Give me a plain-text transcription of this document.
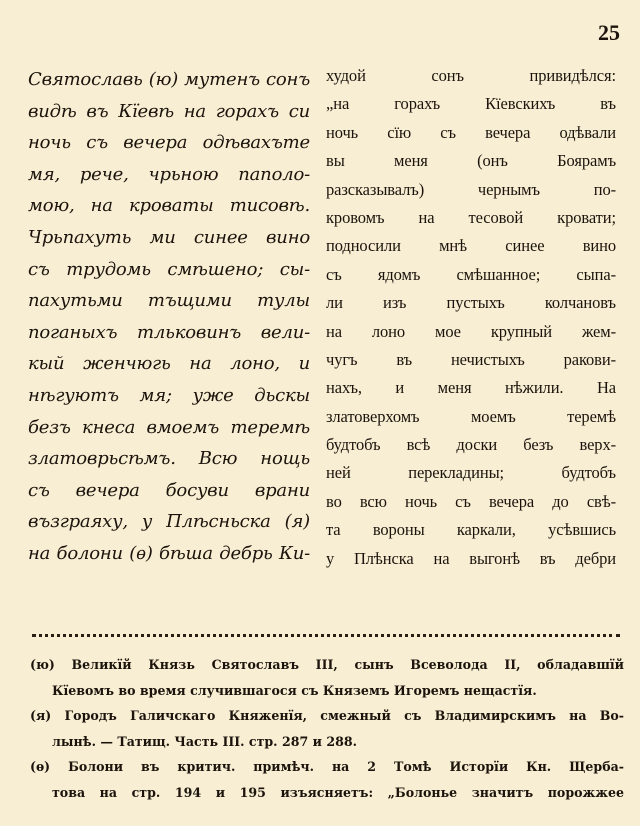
25
Святославь (ю) мутенъ сонъ
видѣ въ Кїевѣ на горахъ си
ночь съ вечера одѣвахъте
мя, рече, чрьною паполо-
мою, на кроваты тисовѣ.
Чрьпахуть ми синее вино
съ трудомь смѣшено; сы-
пахутьми тъщими тулы
поганыхъ тльковинъ вели-
кый женчюгь на лоно, и
нѣгуютъ мя; уже дьскы
безъ кнеса вмоемъ теремѣ
златоврьсѣмъ. Всю нощь
съ вечера босуви врани
възграяху, у Плѣсньска (я)
на болони (ѳ) бѣша дебрь Ки-
худой сонъ привидѣлся:
„на горахъ Кїевскихъ въ
ночь сїю съ вечера одѣвали
вы меня (онъ Боярамъ
разсказывалъ) чернымъ по-
кровомъ на тесовой кровати;
подносили мнѣ синее вино
съ ядомъ смѣшанное; сыпа-
ли изъ пустыхъ колчановъ
на лоно мое крупный жем-
чугъ въ нечистыхъ ракови-
нахъ, и меня нѣжили. На
златоверхомъ моемъ теремѣ
будтобъ всѣ доски безъ верх-
ней перекладины; будтобъ
во всю ночь съ вечера до свѣ-
та вороны каркали, усѣвшись
у Плѣнска на выгонѣ въ дебри
(ю) Великїй Князь Святославъ III, сынъ Всеволода II, обладавшїй
Кїевомъ во время случившагося съ Княземъ Игоремъ нещастїя.
(я) Городъ Галичскаго Княженїя, смежный съ Владимирскимъ на Во-
лынѣ. — Татищ. Часть III. стр. 287 и 288.
(ѳ) Болони въ критич. примѣч. на 2 Томѣ Исторїи Кн. Щерба-
това на стр. 194 и 195 изъясняетъ: „Болонье значитъ порожжее
